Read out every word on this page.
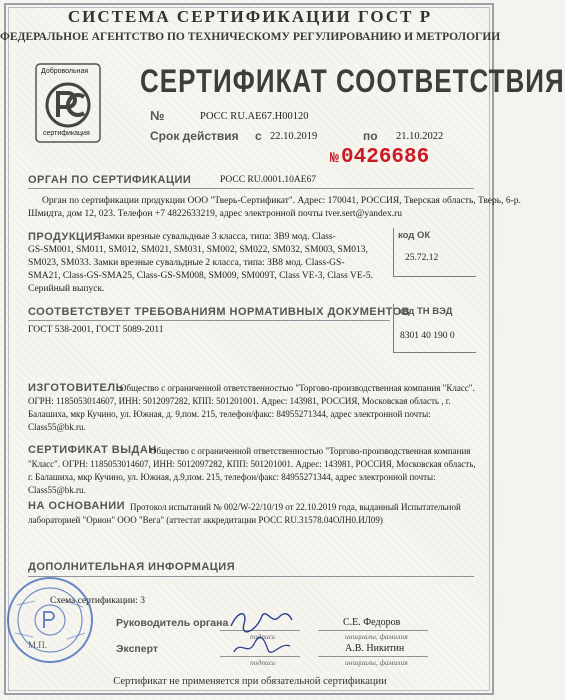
СИСТЕМА СЕРТИФИКАЦИИ ГОСТ Р
ФЕДЕРАЛЬНОЕ АГЕНТСТВО ПО ТЕХНИЧЕСКОМУ РЕГУЛИРОВАНИЮ И МЕТРОЛОГИИ
Добровольная
сертификация
СЕРТИФИКАТ СООТВЕТСТВИЯ
№	РОСС RU.AE67.H00120
Срок действия с 22.10.2019	по 21.10.2022
№0426686
ОРГАН ПО СЕРТИФИКАЦИИ	РОСС RU.0001.10AE67
Орган по сертификации продукции ООО "Тверь-Сертификат". Адрес: 170041, РОССИЯ, Тверская область, Тверь, 6-р.
Шмидта, дом 12, 023. Телефон +7 4822633219, адрес электронной почты tver.sert@yandex.ru
ПРОДУКЦИЯ
Замки врезные сувальдные 3 класса, типа: ЗВ9 мод. Class-
GS-SM001, SM011, SM012, SM021, SM031, SM002, SM022, SM032, SM003, SM013,
SM023, SM033. Замки врезные сувальдные 2 класса, типа: ЗВ8 мод. Class-GS-
SMA21, Class-GS-SMA25, Class-GS-SM008, SM009, SM009T, Class VE-3, Class VE-5.
Серийный выпуск.
код ОК
25.72.12
СООТВЕТСТВУЕТ ТРЕБОВАНИЯМ НОРМАТИВНЫХ ДОКУМЕНТОВ
ГОСТ 538-2001, ГОСТ 5089-2011
код ТН ВЭД
8301 40 190 0
ИЗГОТОВИТЕЛЬ
Общество с ограниченной ответственностью "Торгово-производственная компания "Класс".
ОГРН: 1185053014607, ИНН: 5012097282, КПП: 501201001. Адрес: 143981, РОССИЯ, Московская область , г.
Балашиха, мкр Кучино, ул. Южная, д. 9,пом. 215, телефон/факс: 84955271344, адрес электронной почты:
Class55@bk.ru.
СЕРТИФИКАТ ВЫДАН
Общество с ограниченной ответственностью "Торгово-производственная компания
"Класс". ОГРН: 1185053014607, ИНН: 5012097282, КПП: 501201001. Адрес: 143981, РОССИЯ, Московская область,
г. Балашиха, мкр Кучино, ул. Южная, д.9,пом. 215, телефон/факс: 84955271344, адрес электронной почты:
Class55@bk.ru.
НА ОСНОВАНИИ Протокол испытаний № 002/W-22/10/19 от 22.10.2019 года, выданный Испытательной
лабораторией "Орион" ООО "Вега" (аттестат аккредитации РОСС RU.31578.04ОЛН0.ИЛ09)
ДОПОЛНИТЕЛЬНАЯ ИНФОРМАЦИЯ
Схема сертификации: 3
Руководитель органа	С.Е. Федоров
подпись	инициалы, фамилия
Эксперт	А.В. Никитин
подпись	инициалы, фамилия
М.П.
Сертификат не применяется при обязательной сертификации
